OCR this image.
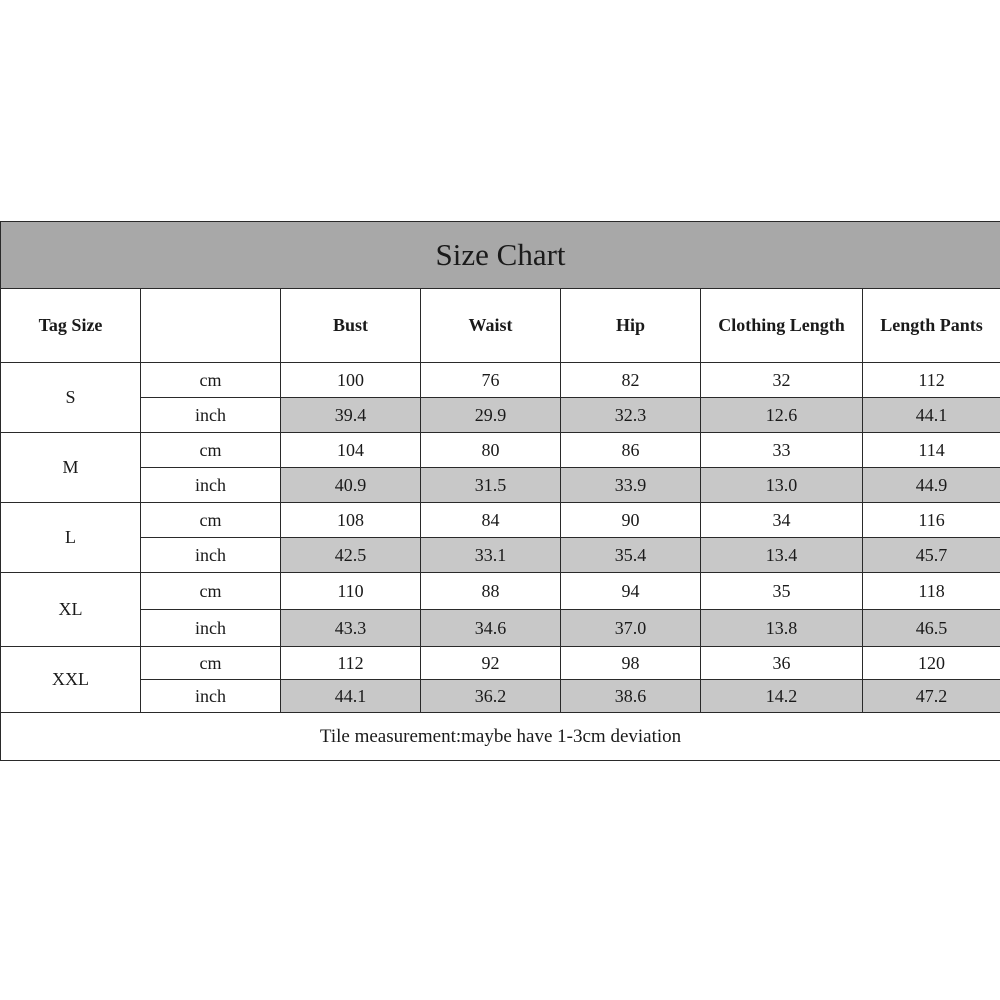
Size Chart						
Tag Size		Bust	Waist	Hip	Clothing Length	Length Pants
S	cm	100	76	82	32	112
	inch	39.4	29.9	32.3	12.6	44.1
M	cm	104	80	86	33	114
	inch	40.9	31.5	33.9	13.0	44.9
L	cm	108	84	90	34	116
	inch	42.5	33.1	35.4	13.4	45.7
XL	cm	110	88	94	35	118
	inch	43.3	34.6	37.0	13.8	46.5
XXL	cm	112	92	98	36	120
	inch	44.1	36.2	38.6	14.2	47.2
Tile measurement:maybe have 1-3cm deviation						
